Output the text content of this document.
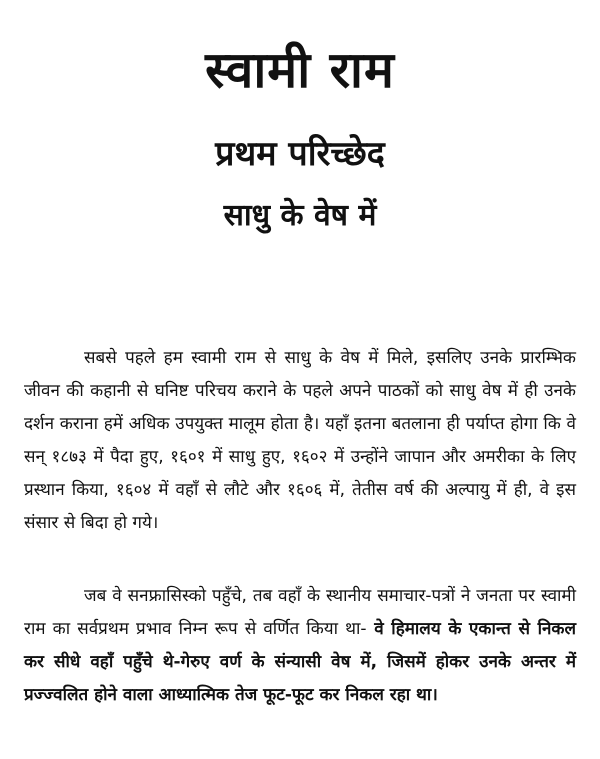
स्वामी राम
प्रथम परिच्छेद
साधु के वेष में

सबसे पहले हम स्वामी राम से साधु के वेष में मिले, इसलिए उनके प्रारम्भिक जीवन की कहानी से घनिष्ट परिचय कराने के पहले अपने पाठकों को साधु वेष में ही उनके दर्शन कराना हमें अधिक उपयुक्त मालूम होता है। यहाँ इतना बतलाना ही पर्याप्त होगा कि वे सन् १८७३ में पैदा हुए, १६०१ में साधु हुए, १६०२ में उन्होंने जापान और अमरीका के लिए प्रस्थान किया, १६०४ में वहाँ से लौटे और १६०६ में, तेतीस वर्ष की अल्पायु में ही, वे इस संसार से बिदा हो गये।

जब वे सनफ्रासिस्को पहुँचे, तब वहाँ के स्थानीय समाचार-पत्रों ने जनता पर स्वामी राम का सर्वप्रथम प्रभाव निम्न रूप से वर्णित किया था- वे हिमालय के एकान्त से निकल कर सीधे वहाँ पहुँचे थे-गेरुए वर्ण के संन्यासी वेष में, जिसमें होकर उनके अन्तर में प्रज्ज्वलित होने वाला आध्यात्मिक तेज फूट-फूट कर निकल रहा था।
